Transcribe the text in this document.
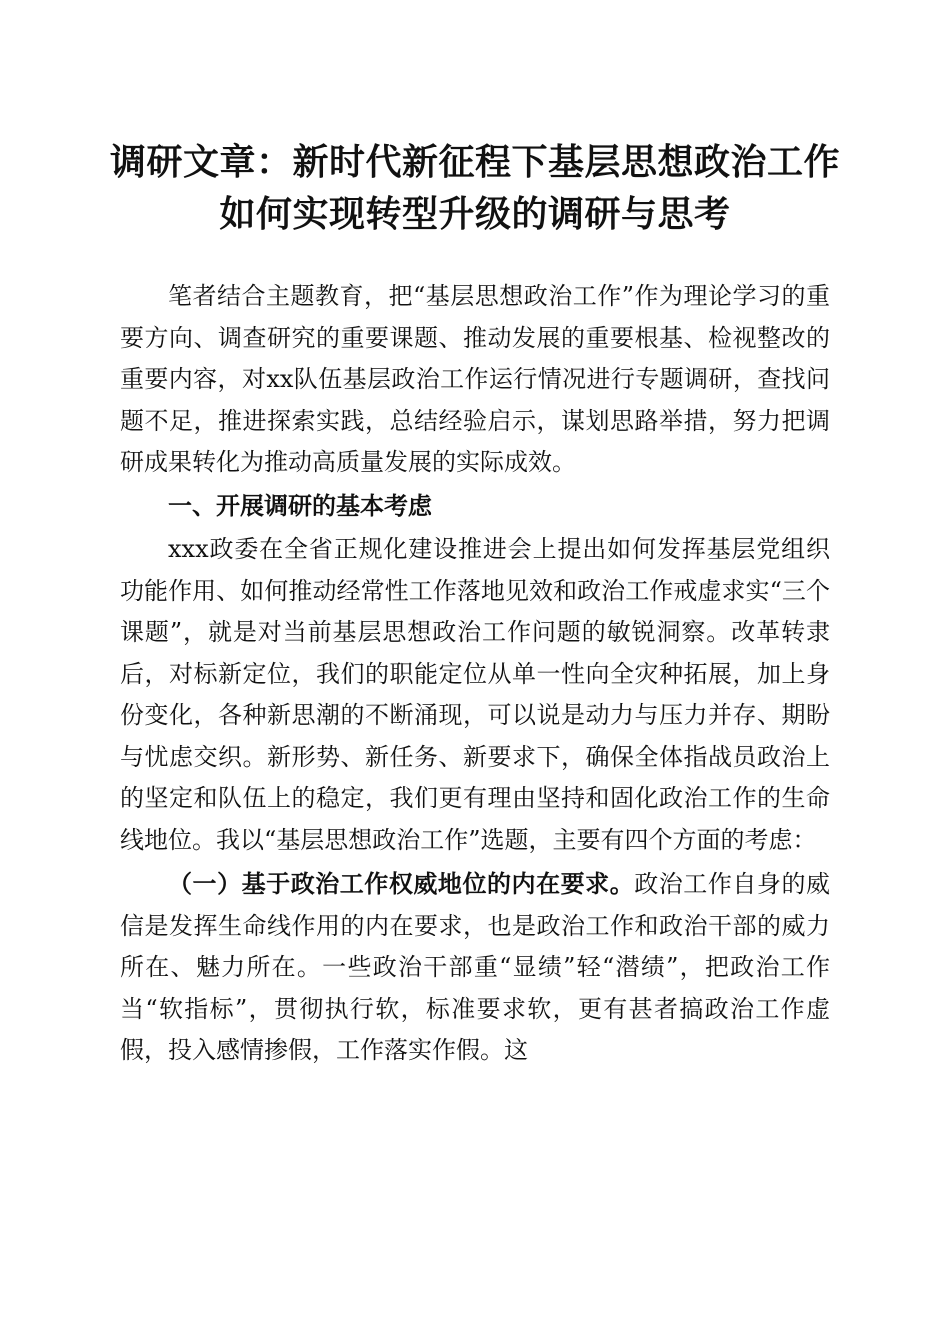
调研文章：新时代新征程下基层思想政治工作
如何实现转型升级的调研与思考

笔者结合主题教育，把“基层思想政治工作”作为理论学习的重要方向、调查研究的重要课题、推动发展的重要根基、检视整改的重要内容，对xx队伍基层政治工作运行情况进行专题调研，查找问题不足，推进探索实践，总结经验启示，谋划思路举措，努力把调研成果转化为推动高质量发展的实际成效。

一、开展调研的基本考虑

xxx政委在全省正规化建设推进会上提出如何发挥基层党组织功能作用、如何推动经常性工作落地见效和政治工作戒虚求实“三个课题”，就是对当前基层思想政治工作问题的敏锐洞察。改革转隶后，对标新定位，我们的职能定位从单一性向全灾种拓展，加上身份变化，各种新思潮的不断涌现，可以说是动力与压力并存、期盼与忧虑交织。新形势、新任务、新要求下，确保全体指战员政治上的坚定和队伍上的稳定，我们更有理由坚持和固化政治工作的生命线地位。我以“基层思想政治工作”选题，主要有四个方面的考虑：

（一）基于政治工作权威地位的内在要求。政治工作自身的威信是发挥生命线作用的内在要求，也是政治工作和政治干部的威力所在、魅力所在。一些政治干部重“显绩”轻“潜绩”，把政治工作当“软指标”，贯彻执行软，标准要求软，更有甚者搞政治工作虚假，投入感情掺假，工作落实作假。这
